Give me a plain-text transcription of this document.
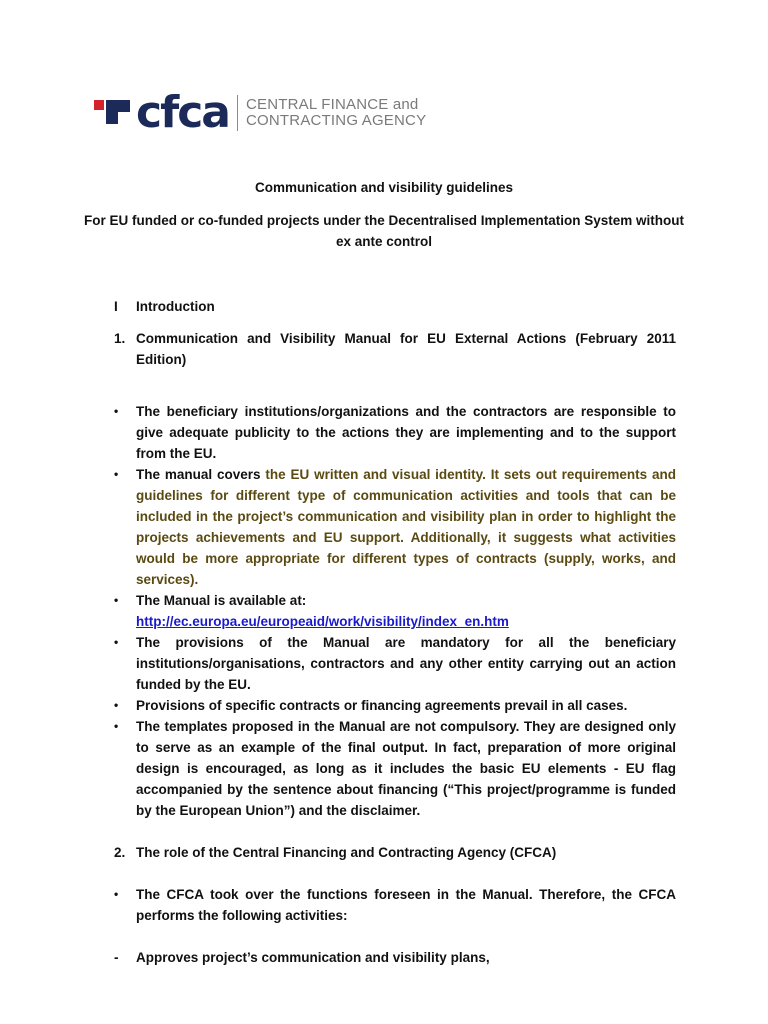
cfca CENTRAL FINANCE and
CONTRACTING AGENCY
Communication and visibility guidelines
For EU funded or co-funded projects under the Decentralised Implementation System without ex ante control
I Introduction
1. Communication and Visibility Manual for EU External Actions (February 2011 Edition)
• The beneficiary institutions/organizations and the contractors are responsible to give adequate publicity to the actions they are implementing and to the support from the EU.
• The manual covers the EU written and visual identity. It sets out requirements and guidelines for different type of communication activities and tools that can be included in the project’s communication and visibility plan in order to highlight the projects achievements and EU support. Additionally, it suggests what activities would be more appropriate for different types of contracts (supply, works, and services).
• The Manual is available at:
http://ec.europa.eu/europeaid/work/visibility/index_en.htm
• The provisions of the Manual are mandatory for all the beneficiary institutions/organisations, contractors and any other entity carrying out an action funded by the EU.
• Provisions of specific contracts or financing agreements prevail in all cases.
• The templates proposed in the Manual are not compulsory. They are designed only to serve as an example of the final output. In fact, preparation of more original design is encouraged, as long as it includes the basic EU elements - EU flag accompanied by the sentence about financing (“This project/programme is funded by the European Union”) and the disclaimer.
2. The role of the Central Financing and Contracting Agency (CFCA)
• The CFCA took over the functions foreseen in the Manual. Therefore, the CFCA performs the following activities:
- Approves project’s communication and visibility plans,
